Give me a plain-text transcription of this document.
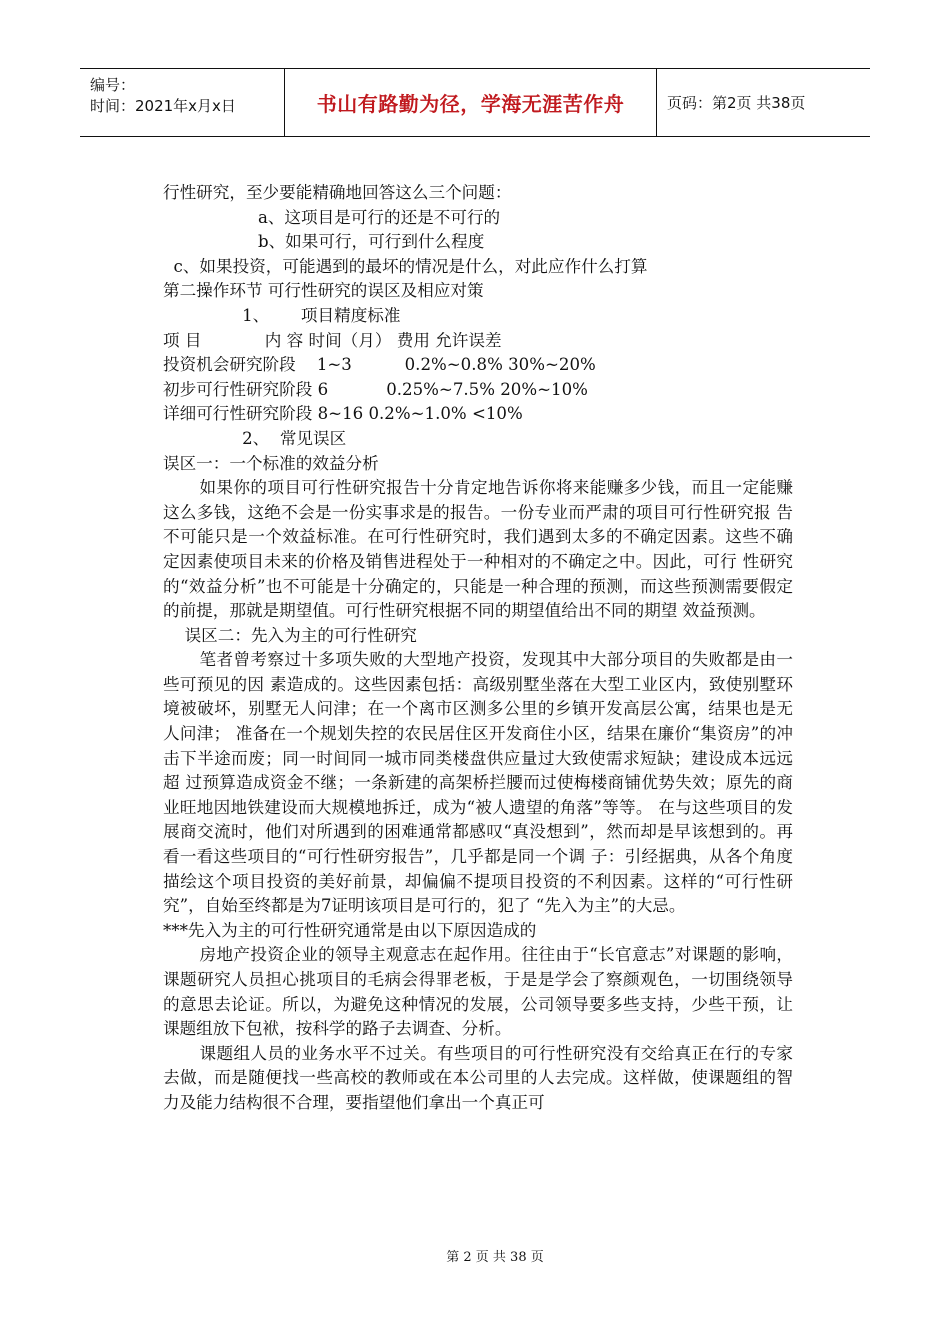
编号：
时间：2021年x月x日	书山有路勤为径，学海无涯苦作舟	页码：第2页 共38页
行性研究，至少要能精确地回答这么三个问题：
a、这项目是可行的还是不可行的
b、如果可行，可行到什么程度
c、如果投资，可能遇到的最坏的情况是什么，对此应作什么打算
第二操作环节 可行性研究的误区及相应对策
1、      项目精度标准
项 目            内 容 时间（月） 费用 允许误差
投资机会研究阶段    1~3          0.2%~0.8% 30%~20%
初步可行性研究阶段 6           0.25%~7.5% 20%~10%
详细可行性研究阶段 8~16 0.2%~1.0% <10%
2、  常见误区
误区一：一个标准的效益分析
如果你的项目可行性研究报告十分肯定地告诉你将来能赚多少钱，而且一定能赚这么多钱，这绝不会是一份实事求是的报告。一份专业而严肃的项目可行性研究报 告不可能只是一个效益标准。在可行性研究时，我们遇到太多的不确定因素。这些不确定因素使项目未来的价格及销售进程处于一种相对的不确定之中。因此，可行 性研究的“效益分析”也不可能是十分确定的，只能是一种合理的预测，而这些预测需要假定的前提，那就是期望值。可行性研究根据不同的期望值给出不同的期望 效益预测。
误区二：先入为主的可行性研究
笔者曾考察过十多项失败的大型地产投资，发现其中大部分项目的失败都是由一些可预见的因 素造成的。这些因素包括：高级别墅坐落在大型工业区内，致使别墅环境被破坏，别墅无人问津；在一个离市区测多公里的乡镇开发高层公寓，结果也是无人问津； 准备在一个规划失控的农民居住区开发商住小区，结果在廉价“集资房”的冲击下半途而废；同一时间同一城市同类楼盘供应量过大致使需求短缺；建设成本远远超 过预算造成资金不继；一条新建的高架桥拦腰而过使梅楼商铺优势失效；原先的商业旺地因地铁建设而大规模地拆迁，成为“被人遗望的角落”等等。 在与这些项目的发展商交流时，他们对所遇到的困难通常都感叹“真没想到”，然而却是早该想到的。再看一看这些项目的“可行性研穷报告”，几乎都是同一个调 子：引经据典，从各个角度描绘这个项目投资的美好前景，却偏偏不提项目投资的不利因素。这样的“可行性研究”，自始至终都是为7证明该项目是可行的，犯了 “先入为主”的大忌。
***先入为主的可行性研究通常是由以下原因造成的
房地产投资企业的领导主观意志在起作用。往往由于“长官意志”对课题的影响，课题研究人员担心挑项目的毛病会得罪老板，于是是学会了察颜观色，一切围绕领导 的意思去论证。所以，为避免这种情况的发展，公司领导要多些支持，少些干预，让课题组放下包袱，按科学的路子去调查、分析。
课题组人员的业务水平不过关。有些项目的可行性研究没有交给真正在行的专家去做，而是随便找一些高校的教师或在本公司里的人去完成。这样做，使课题组的智力及能力结构很不合理，要指望他们拿出一个真正可
第 2 页 共 38 页
